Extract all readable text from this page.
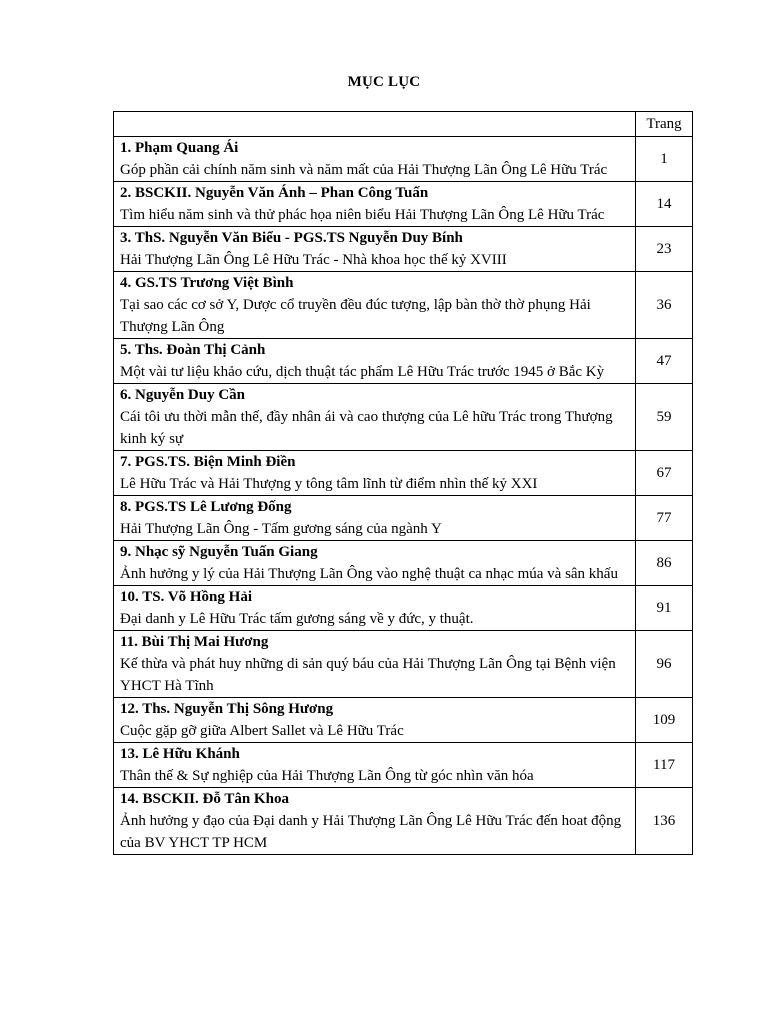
MỤC LỤC
	Trang

1. Phạm Quang Ái
Góp phần cải chính năm sinh và năm mất của Hải Thượng Lãn Ông Lê Hữu Trác	1

2. BSCKII. Nguyễn Văn Ánh – Phan Công Tuấn
Tìm hiểu năm sinh và thử phác họa niên biểu Hải Thượng Lãn Ông Lê Hữu Trác	14

3. ThS. Nguyễn Văn Biểu - PGS.TS Nguyễn Duy Bính
Hải Thượng Lãn Ông Lê Hữu Trác - Nhà khoa học thế kỷ XVIII	23

4. GS.TS Trương Việt Bình
Tại sao các cơ sở Y, Dược cổ truyền đều đúc tượng, lập bàn thờ thờ phụng Hải Thượng Lãn Ông	36

5. Ths. Đoàn Thị Cảnh
Một vài tư liệu khảo cứu, dịch thuật tác phẩm Lê Hữu Trác trước 1945 ở Bắc Kỳ	47

6. Nguyễn Duy Cần
Cái tôi ưu thời mẫn thế, đầy nhân ái và cao thượng của Lê hữu Trác trong Thượng kinh ký sự	59

7. PGS.TS. Biện Minh Điền
Lê Hữu Trác và Hải Thượng y tông tâm lĩnh từ điểm nhìn thế kỷ XXI	67

8. PGS.TS Lê Lương Đống
Hải Thượng Lãn Ông - Tấm gương sáng của ngành Y	77

9. Nhạc sỹ Nguyễn Tuấn Giang
Ảnh hưởng y lý của Hải Thượng Lãn Ông vào nghệ thuật ca nhạc múa và sân khấu	86

10. TS. Võ Hồng Hải
Đại danh y Lê Hữu Trác tấm gương sáng về y đức, y thuật.	91

11. Bùi Thị Mai Hương
Kế thừa và phát huy những di sản quý báu của Hải Thượng Lãn Ông tại Bệnh viện YHCT Hà Tĩnh	96

12. Ths. Nguyễn Thị Sông Hương
Cuộc gặp gỡ giữa Albert Sallet và Lê Hữu Trác	109

13. Lê Hữu Khánh
Thân thế & Sự nghiệp của Hải Thượng Lãn Ông từ góc nhìn văn hóa	117

14. BSCKII. Đỗ Tân Khoa
Ảnh hưởng y đạo của Đại danh y Hải Thượng Lãn Ông Lê Hữu Trác đến hoat động của BV YHCT TP HCM	136
